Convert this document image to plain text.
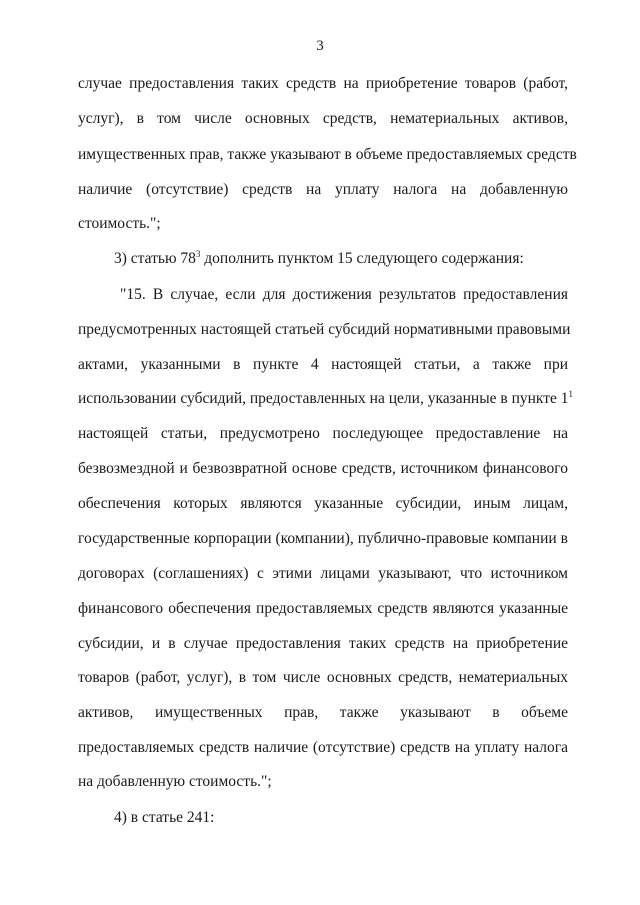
3
случае предоставления таких средств на приобретение товаров (работ,
услуг), в том числе основных средств, нематериальных активов,
имущественных прав, также указывают в объеме предоставляемых средств
наличие (отсутствие) средств на уплату налога на добавленную
стоимость.";
3) статью $78^3$ дополнить пунктом 15 следующего содержания:
"15. В случае, если для достижения результатов предоставления
предусмотренных настоящей статьей субсидий нормативными правовыми
актами, указанными в пункте 4 настоящей статьи, а также при
использовании субсидий, предоставленных на цели, указанные в пункте $1^1$
настоящей статьи, предусмотрено последующее предоставление на
безвозмездной и безвозвратной основе средств, источником финансового
обеспечения которых являются указанные субсидии, иным лицам,
государственные корпорации (компании), публично-правовые компании в
договорах (соглашениях) с этими лицами указывают, что источником
финансового обеспечения предоставляемых средств являются указанные
субсидии, и в случае предоставления таких средств на приобретение
товаров (работ, услуг), в том числе основных средств, нематериальных
активов, имущественных прав, также указывают в объеме
предоставляемых средств наличие (отсутствие) средств на уплату налога
на добавленную стоимость.";
4) в статье 241:
